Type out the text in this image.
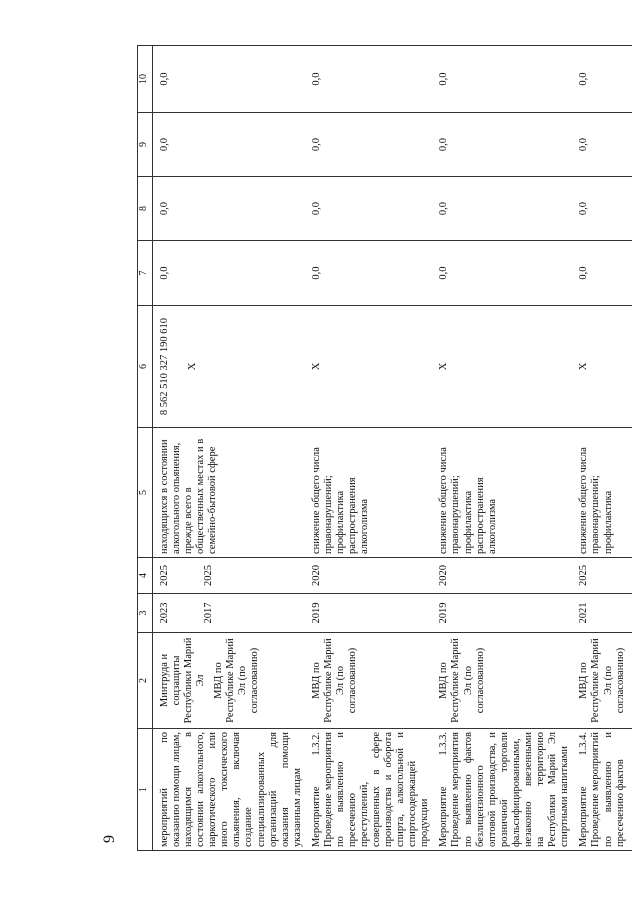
9
1	2	3	4	5	6	7	8	9	10
мероприятий по оказанию помощи лицам, находящимся в состоянии алкогольного, наркотического или иного токсического опьянения, включая создание специализированных организаций для оказания помощи указанным лицам	Минтруда и соцзащиты Республики Марий Эл МВД по Республике Марий Эл (по согласованию)	2023 2017	2025 2025	находящихся в состоянии алкогольного опьянения, прежде всего в общественных местах и в семейно-бытовой сфере	8 562 510 327 190 610 Х	0,0	0,0	0,0	0,0
Мероприятие 1.3.2. Проведение мероприятия по выявлению и пресечению преступлений, совершенных в сфере производства и оборота спирта, алкогольной и спиртосодержащей продукции	МВД по Республике Марий Эл (по согласованию)	2019	2020	снижение общего числа правонарушений; профилактика распространения алкоголизма	Х	0,0	0,0	0,0	0,0
Мероприятие 1.3.3. Проведение мероприятия по выявлению фактов безлицензионного оптовой производства, и розничной торговли фальсифицированными, незаконно ввезенными на территорию Республики Марий Эл спиртными напитками	МВД по Республике Марий Эл (по согласованию)	2019	2020	снижение общего числа правонарушений; профилактика распространения алкоголизма	Х	0,0	0,0	0,0	0,0
Мероприятие 1.3.4. Проведение мероприятий по выявлению и пресечению фактов	МВД по Республике Марий Эл (по согласованию)	2021	2025	снижение общего числа правонарушений; профилактика	Х	0,0	0,0	0,0	0,0
